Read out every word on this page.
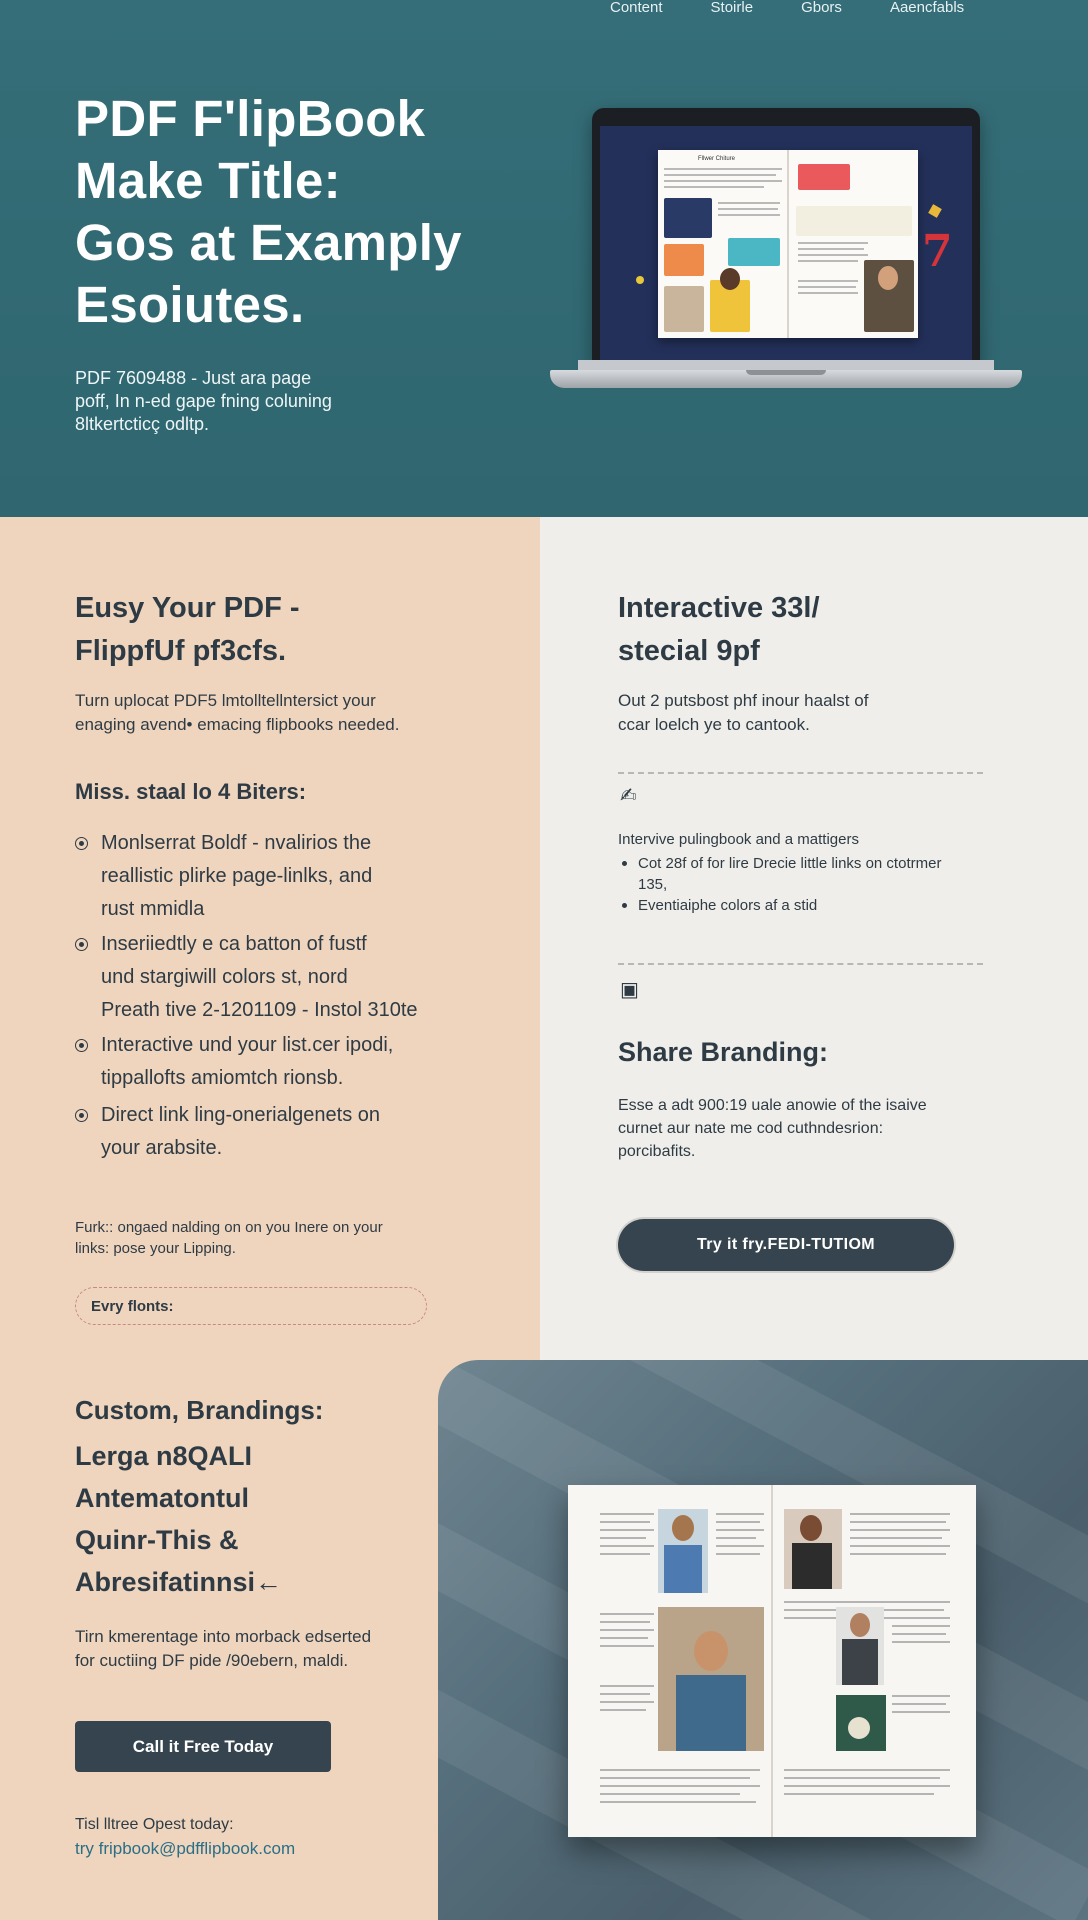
Content	Stoirle	Gbors	Aaencfabls
PDF F'lipBook
Make Title:
Gos at Examply
Esoiutes.

PDF 7609488 - Just ara page
poff, In n-ed gape fning coluning
8ltkertcticç odltp.

Fllwer Chiture
7
Eusy Your PDF -
FlippfUf pf3cfs.

Turn uplocat PDF5 lmtolltellntersict your
enaging avend• emacing flipbooks needed.

Miss. staal lo 4 Biters:
Monlserrat Boldf - nvalirios the
reallistic plirke page-linlks, and
rust mmidla
Inseriiedtly e ca batton of fustf
und stargiwill colors st, nord
Preath tive 2-1201109 - Instol 310te
Interactive und your list.cer ipodi,
tippallofts amiomtch rionsb.
Direct link ling-onerialgenets on
your arabsite.

Furk:: ongaed nalding on on you Inere on your
links: pose your Lipping.

Evry flonts:
Interactive 33l/
stecial 9pf

Out 2 putsbost phf inour haalst of
ccar loelch ye to cantook.

✍

Intervive pulingbook and a mattigers

Cot 28f of for lire Drecie little links on ctotrmer
135,
Eventiaiphe colors af a stid
▣
Share Branding:

Esse a adt 900:19 uale anowie of the isaive
curnet aur nate me cod cuthndesrion:
porcibafits.

Try it frу.FEDI-ТUTIOM
Custom, Brandings:

Lerga n8QALI
Antematontul
Quinr-This &
Abresifatinnsi←

Tirn kmerentage into morback edserted
for cuctiing DF pide /90ebern, maldi.

Call it Free Today

Tisl lltree Opest today:

try fripbook@pdfflipbook.com
